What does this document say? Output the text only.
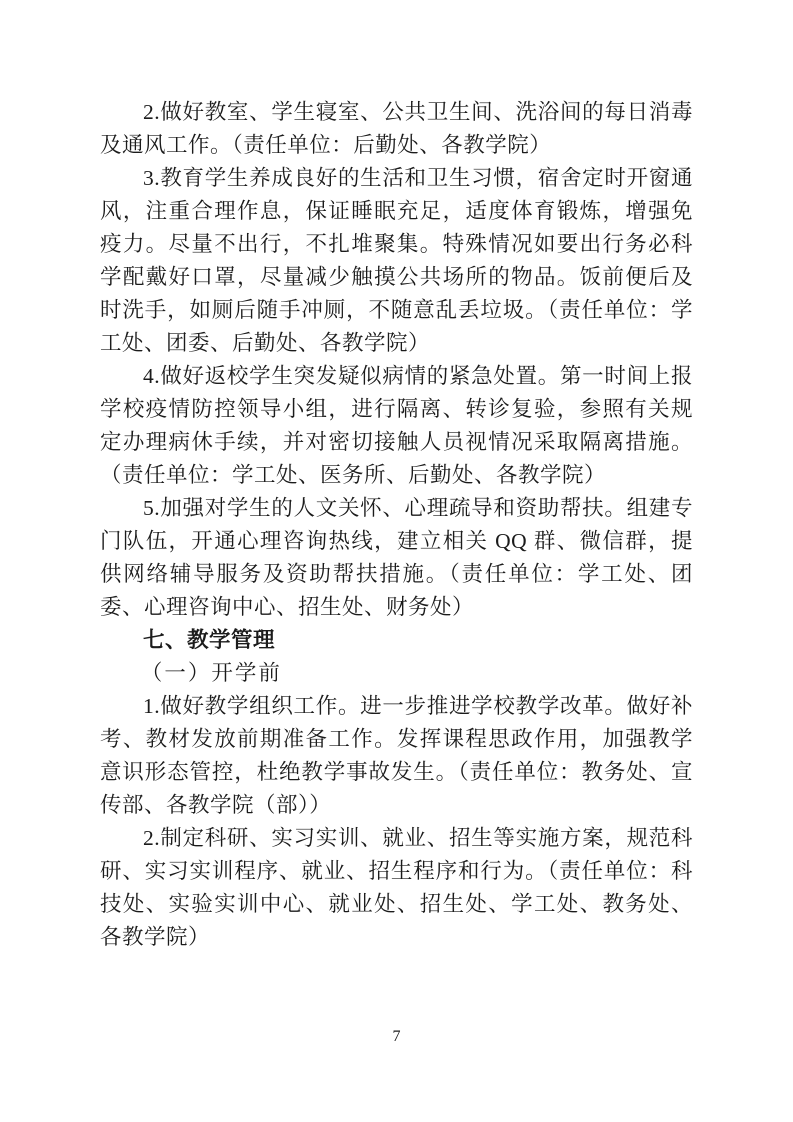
2.做好教室、学生寝室、公共卫生间、洗浴间的每日消毒及通风工作。（责任单位：后勤处、各教学院）

3.教育学生养成良好的生活和卫生习惯，宿舍定时开窗通风，注重合理作息，保证睡眠充足，适度体育锻炼，增强免疫力。尽量不出行，不扎堆聚集。特殊情况如要出行务必科学配戴好口罩，尽量减少触摸公共场所的物品。饭前便后及时洗手，如厕后随手冲厕，不随意乱丢垃圾。（责任单位：学工处、团委、后勤处、各教学院）

4.做好返校学生突发疑似病情的紧急处置。第一时间上报学校疫情防控领导小组，进行隔离、转诊复验，参照有关规定办理病休手续，并对密切接触人员视情况采取隔离措施。（责任单位：学工处、医务所、后勤处、各教学院）

5.加强对学生的人文关怀、心理疏导和资助帮扶。组建专门队伍，开通心理咨询热线，建立相关 QQ 群、微信群，提供网络辅导服务及资助帮扶措施。（责任单位：学工处、团委、心理咨询中心、招生处、财务处）

七、教学管理
（一）开学前

1.做好教学组织工作。进一步推进学校教学改革。做好补考、教材发放前期准备工作。发挥课程思政作用，加强教学意识形态管控，杜绝教学事故发生。（责任单位：教务处、宣传部、各教学院（部））

2.制定科研、实习实训、就业、招生等实施方案，规范科研、实习实训程序、就业、招生程序和行为。（责任单位：科技处、实验实训中心、就业处、招生处、学工处、教务处、各教学院）

7
